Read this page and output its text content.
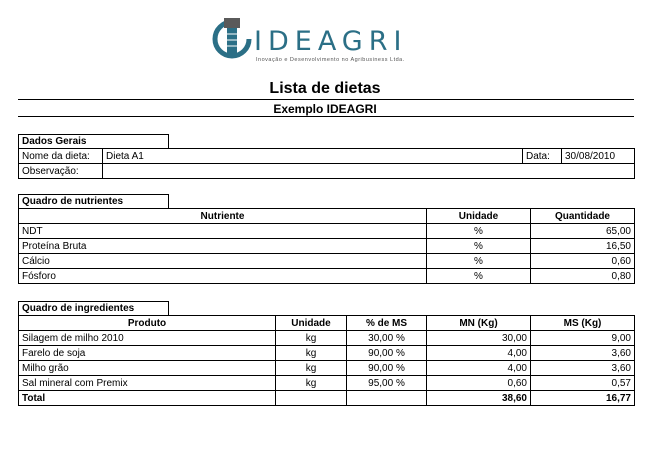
IDEAGRI
Inovação e Desenvolvimento no Agribusiness Ltda.
Lista de dietas
Exemplo IDEAGRI
Dados Gerais
Nome da dieta:	Dieta A1	Data:	30/08/2010
Observação:			
Quadro de nutrientes
Nutriente	Unidade	Quantidade
NDT	%	65,00
Proteína Bruta	%	16,50
Cálcio	%	0,60
Fósforo	%	0,80
Quadro de ingredientes
Produto	Unidade	% de MS	MN (Kg)	MS (Kg)
Silagem de milho 2010	kg	30,00 %	30,00	9,00
Farelo de soja	kg	90,00 %	4,00	3,60
Milho grão	kg	90,00 %	4,00	3,60
Sal mineral com Premix	kg	95,00 %	0,60	0,57
Total			38,60	16,77
